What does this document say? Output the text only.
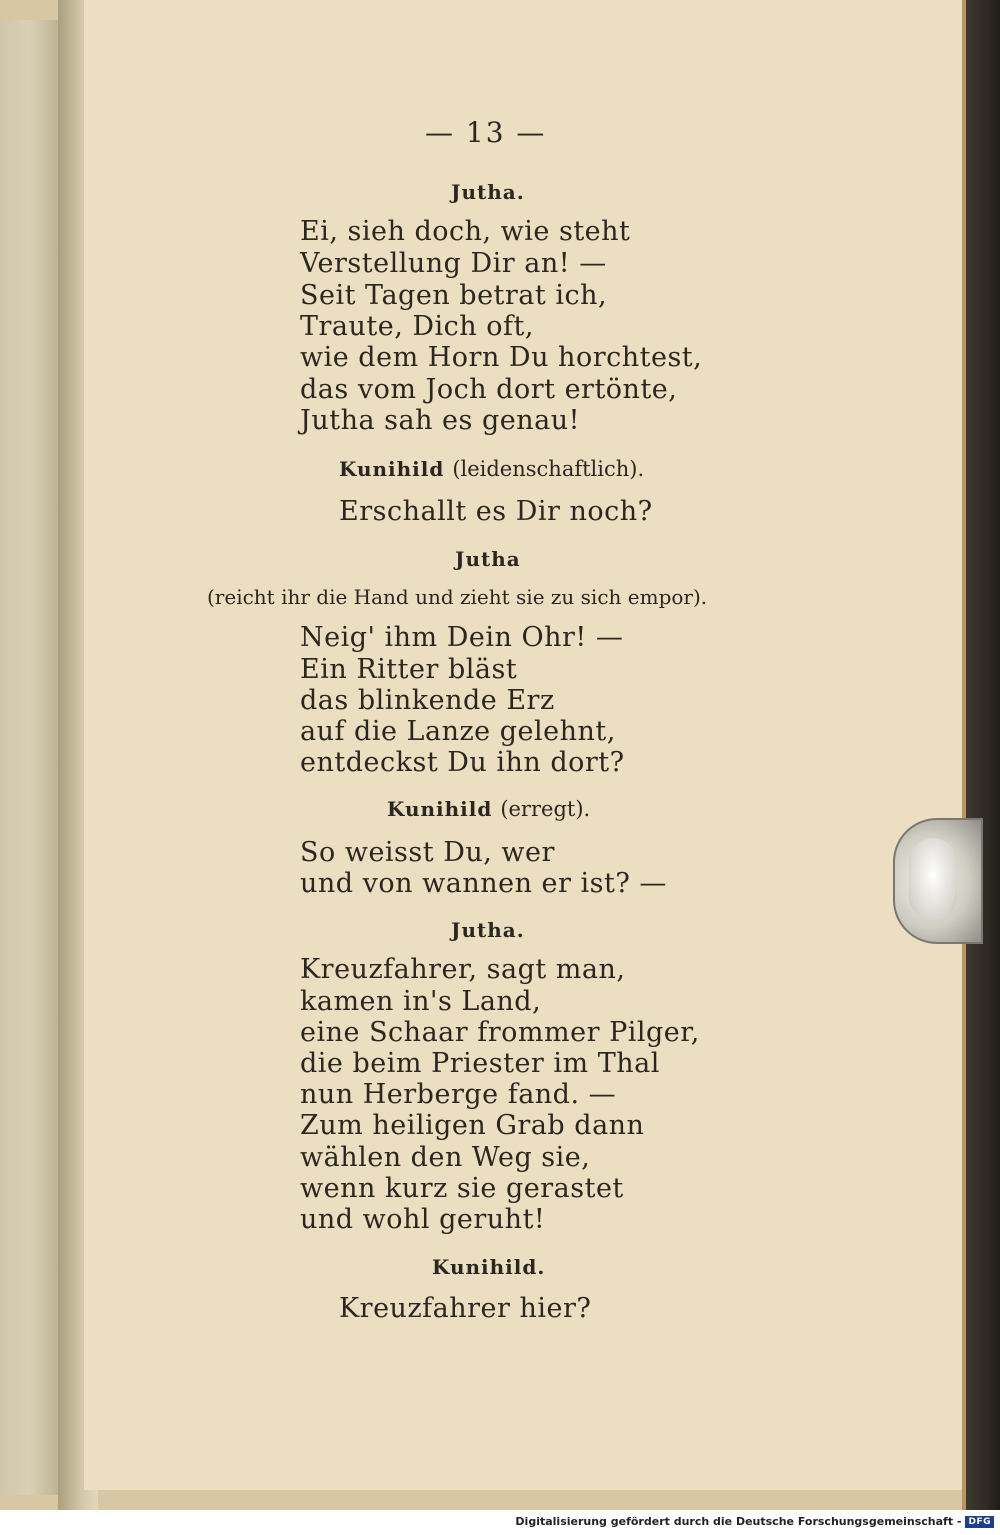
— 13 —
Jutha.
Ei, sieh doch, wie steht
Verstellung Dir an! —
Seit Tagen betrat ich,
Traute, Dich oft,
wie dem Horn Du horchtest,
das vom Joch dort ertönte,
Jutha sah es genau!
Kunihild (leidenschaftlich).
Erschallt es Dir noch?
Jutha
(reicht ihr die Hand und zieht sie zu sich empor).
Neig' ihm Dein Ohr! —
Ein Ritter bläst
das blinkende Erz
auf die Lanze gelehnt,
entdeckst Du ihn dort?
Kunihild (erregt).
So weisst Du, wer
und von wannen er ist? —
Jutha.
Kreuzfahrer, sagt man,
kamen in's Land,
eine Schaar frommer Pilger,
die beim Priester im Thal
nun Herberge fand. —
Zum heiligen Grab dann
wählen den Weg sie,
wenn kurz sie gerastet
und wohl geruht!
Kunihild.
Kreuzfahrer hier?
Digitalisierung gefördert durch die Deutsche Forschungsgemeinschaft - DFG
